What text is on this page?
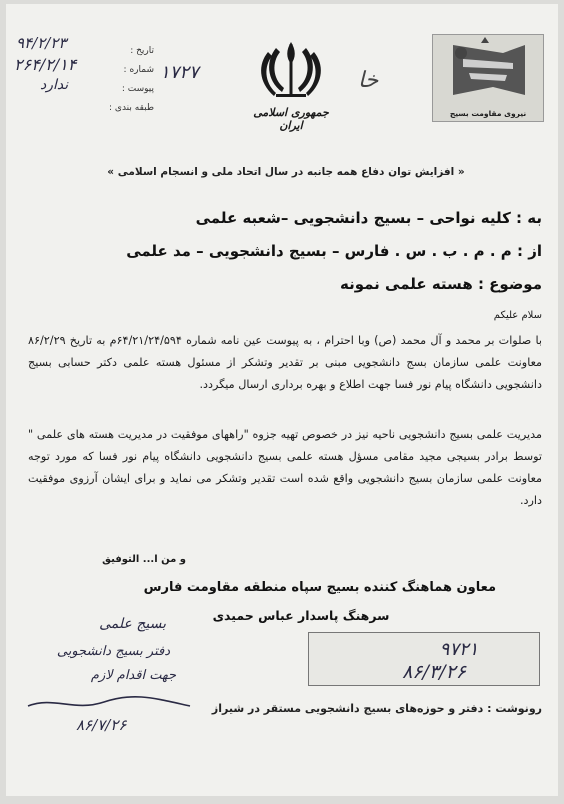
تاریخ :
شماره :
پیوست :
طبقه بندی :
۹۴/۲/۲۳
۲۶۴/۲/۱۴
ندارد
۱۷۲۷
جمهوری اسلامی ایران
خا
نیروی مقاومت بسیج
« افزایش توان دفاع همه جانبه در سال اتحاد ملی و انسجام اسلامی »
به : کلیه نواحی – بسیج دانشجویی –شعبه علمی
از : م . م . ب . س . فارس – بسیج دانشجویی – مد علمی
موضوع : هسته علمی نمونه
سلام علیکم
با صلوات بر محمد و آل محمد (ص) وبا احترام ، به پیوست عین نامه شماره ۶۴/۲۱/۲۴/۵۹۴م به تاریخ ۸۶/۲/۲۹ معاونت علمی سازمان بسج دانشجویی مبنی بر تقدیر وتشکر از مسئول هسته علمی دکتر حسابی بسیج دانشجویی دانشگاه پیام نور فسا جهت اطلاع و بهره برداری ارسال میگردد.
مدیریت علمی بسیج دانشجویی ناحیه نیز در خصوص تهیه جزوه "راههای موفقیت در مدیریت هسته های علمی " توسط برادر بسیجی مجید مقامی مسؤل هسته علمی بسیج دانشجویی دانشگاه پیام نور فسا که مورد توجه معاونت علمی سازمان بسیج دانشجویی واقع شده است تقدیر وتشکر می نماید و برای ایشان آرزوی موفقیت دارد.
و من ا... التوفیق
معاون هماهنگ کننده بسیج سپاه منطقه مقاومت فارس
سرهنگ پاسدار عباس حمیدی
۹۷۲۱
۸۶/۳/۲۶
بسیج علمی
دفتر بسیج دانشجویی
جهت اقدام لازم
۸۶/۷/۲۶
رونوشت : دفتر و حوزه‌های بسیج دانشجویی مستقر در شیراز
